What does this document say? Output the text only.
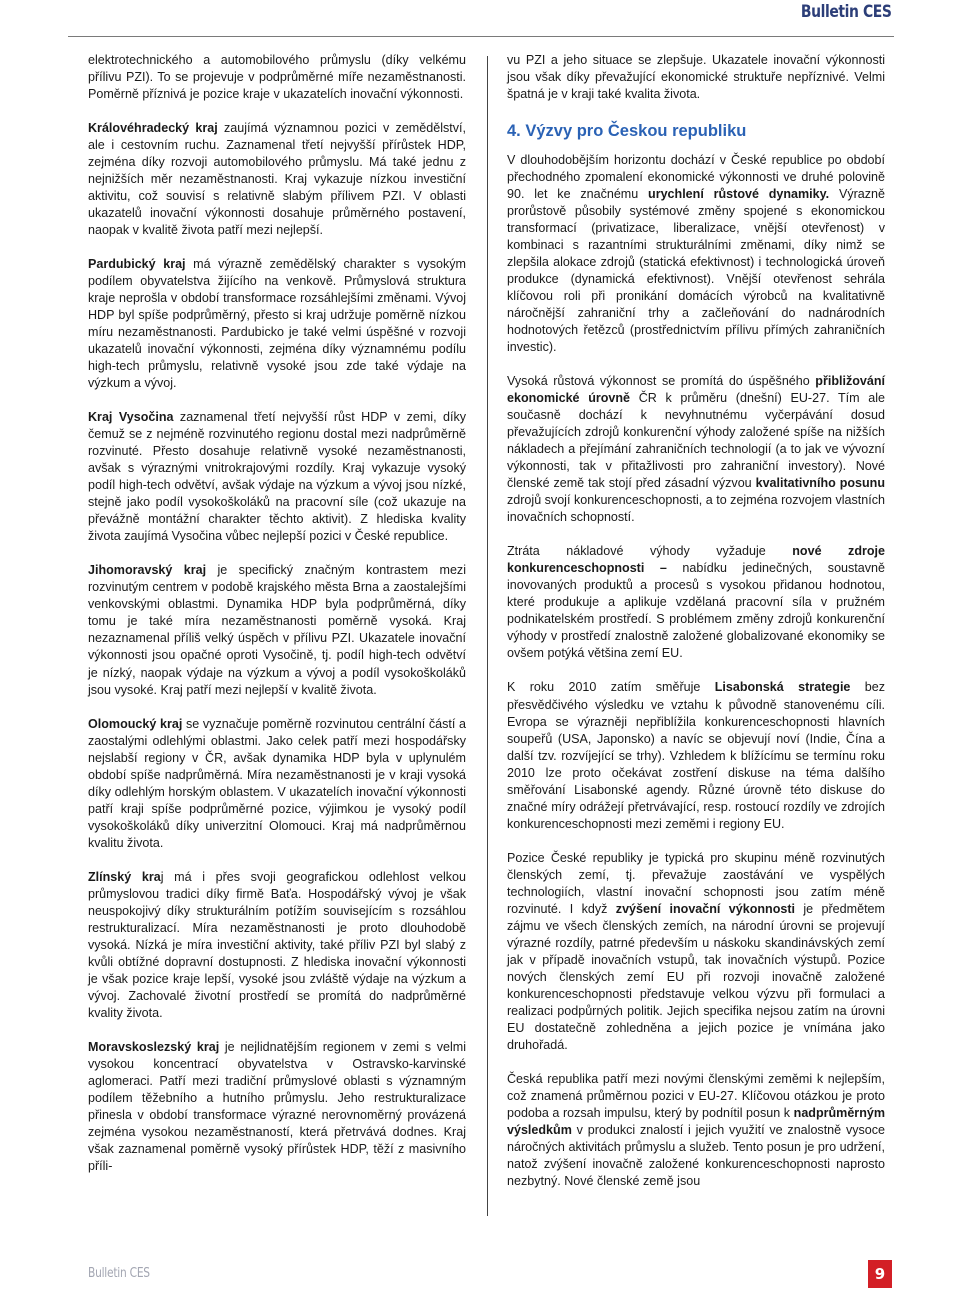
Bulletin CES

elektrotechnického a automobilového průmyslu (díky velkému přílivu PZI). To se projevuje v podprůměrné míře nezaměstnanosti. Poměrně příznivá je pozice kraje v ukazatelích inovační výkonnosti.

Královéhradecký kraj zaujímá významnou pozici v zemědělství, ale i cestovním ruchu. Zaznamenal třetí nejvyšší přírůstek HDP, zejména díky rozvoji automobilového průmyslu. Má také jednu z nejnižších měr nezaměstnanosti. Kraj vykazuje nízkou investiční aktivitu, což souvisí s relativně slabým přílivem PZI. V oblasti ukazatelů inovační výkonnosti dosahuje průměrného postavení, naopak v kvalitě života patří mezi nejlepší.

Pardubický kraj má výrazně zemědělský charakter s vysokým podílem obyvatelstva žijícího na venkově. Průmyslová struktura kraje neprošla v období transformace rozsáhlejšími změnami. Vývoj HDP byl spíše podprůměrný, přesto si kraj udržuje poměrně nízkou míru nezaměstnanosti. Pardubicko je také velmi úspěšné v rozvoji ukazatelů inovační výkonnosti, zejména díky významnému podílu high-tech průmyslu, relativně vysoké jsou zde také výdaje na výzkum a vývoj.

Kraj Vysočina zaznamenal třetí nejvyšší růst HDP v zemi, díky čemuž se z nejméně rozvinutého regionu dostal mezi nadprůměrně rozvinuté. Přesto dosahuje relativně vysoké nezaměstnanosti, avšak s výraznými vnitrokrajovými rozdíly. Kraj vykazuje vysoký podíl high-tech odvětví, avšak výdaje na výzkum a vývoj jsou nízké, stejně jako podíl vysokoškoláků na pracovní síle (což ukazuje na převážně montážní charakter těchto aktivit). Z hlediska kvality života zaujímá Vysočina vůbec nejlepší pozici v České republice.

Jihomoravský kraj je specifický značným kontrastem mezi rozvinutým centrem v podobě krajského města Brna a zaostalejšími venkovskými oblastmi. Dynamika HDP byla podprůměrná, díky tomu je také míra nezaměstnanosti poměrně vysoká. Kraj nezaznamenal příliš velký úspěch v přílivu PZI. Ukazatele inovační výkonnosti jsou opačné oproti Vysočině, tj. podíl high-tech odvětví je nízký, naopak výdaje na výzkum a vývoj a podíl vysokoškoláků jsou vysoké. Kraj patří mezi nejlepší v kvalitě života.

Olomoucký kraj se vyznačuje poměrně rozvinutou centrální částí a zaostalými odlehlými oblastmi. Jako celek patří mezi hospodářsky nejslabší regiony v ČR, avšak dynamika HDP byla v uplynulém období spíše nadprůměrná. Míra nezaměstnanosti je v kraji vysoká díky odlehlým horským oblastem. V ukazatelích inovační výkonnosti patří kraji spíše podprůměrné pozice, výjimkou je vysoký podíl vysokoškoláků díky univerzitní Olomouci. Kraj má nadprůměrnou kvalitu života.

Zlínský kraj má i přes svoji geografickou odlehlost velkou průmyslovou tradici díky firmě Baťa. Hospodářský vývoj je však neuspokojivý díky strukturálním potížím souvisejícím s rozsáhlou restrukturalizací. Míra nezaměstnanosti je proto dlouhodobě vysoká. Nízká je míra investiční aktivity, také příliv PZI byl slabý z kvůli obtížné dopravní dostupnosti. Z hlediska inovační výkonnosti je však pozice kraje lepší, vysoké jsou zvláště výdaje na výzkum a vývoj. Zachovalé životní prostředí se promítá do nadprůměrné kvality života.

Moravskoslezský kraj je nejlidnatějším regionem v zemi s velmi vysokou koncentrací obyvatelstva v Ostravsko-karvinské aglomeraci. Patří mezi tradiční průmyslové oblasti s významným podílem těžebního a hutního průmyslu. Jeho restrukturalizace přinesla v období transformace výrazné nerovnoměrný provázená zejména vysokou nezaměstnaností, která přetrvává dodnes. Kraj však zaznamenal poměrně vysoký přírůstek HDP, těží z masivního příli-

vu PZI a jeho situace se zlepšuje. Ukazatele inovační výkonnosti jsou však díky převažující ekonomické struktuře nepříznivé. Velmi špatná je v kraji také kvalita života.

4. Výzvy pro Českou republiku

V dlouhodobějším horizontu dochází v České republice po období přechodného zpomalení ekonomické výkonnosti ve druhé polovině 90. let ke značnému urychlení růstové dynamiky. Výrazně prorůstově působily systémové změny spojené s ekonomickou transformací (privatizace, liberalizace, vnější otevřenost) v kombinaci s razantními strukturálními změnami, díky nimž se zlepšila alokace zdrojů (statická efektivnost) i technologická úroveň produkce (dynamická efektivnost). Vnější otevřenost sehrála klíčovou roli při pronikání domácích výrobců na kvalitativně náročnější zahraniční trhy a začleňování do nadnárodních hodnotových řetězců (prostřednictvím přílivu přímých zahraničních investic).

Vysoká růstová výkonnost se promítá do úspěšného přibližování ekonomické úrovně ČR k průměru (dnešní) EU-27. Tím ale současně dochází k nevyhnutnému vyčerpávání dosud převažujících zdrojů konkurenční výhody založené spíše na nižších nákladech a přejímání zahraničních technologií (a to jak ve vývozní výkonnosti, tak v přitažlivosti pro zahraniční investory). Nové členské země tak stojí před zásadní výzvou kvalitativního posunu zdrojů svojí konkurenceschopnosti, a to zejména rozvojem vlastních inovačních schopností.

Ztráta nákladové výhody vyžaduje nové zdroje konkurenceschopnosti – nabídku jedinečných, soustavně inovovaných produktů a procesů s vysokou přidanou hodnotou, které produkuje a aplikuje vzdělaná pracovní síla v pružném podnikatelském prostředí. S problémem změny zdrojů konkurenční výhody v prostředí znalostně založené globalizované ekonomiky se ovšem potýká většina zemí EU.

K roku 2010 zatím směřuje Lisabonská strategie bez přesvědčivého výsledku ve vztahu k původně stanovenému cíli. Evropa se výrazněji nepřiblížila konkurenceschopnosti hlavních soupeřů (USA, Japonsko) a navíc se objevují noví (Indie, Čína a další tzv. rozvíjející se trhy). Vzhledem k blížícímu se termínu roku 2010 lze proto očekávat zostření diskuse na téma dalšího směřování Lisabonské agendy. Různé úrovně této diskuse do značné míry odrážejí přetrvávající, resp. rostoucí rozdíly ve zdrojích konkurenceschopnosti mezi zeměmi i regiony EU.

Pozice České republiky je typická pro skupinu méně rozvinutých členských zemí, tj. převažuje zaostávání ve vyspělých technologiích, vlastní inovační schopnosti jsou zatím méně rozvinuté. I když zvýšení inovační výkonnosti je předmětem zájmu ve všech členských zemích, na národní úrovni se projevují výrazné rozdíly, patrné především u náskoku skandinávských zemí jak v případě inovačních vstupů, tak inovačních výstupů. Pozice nových členských zemí EU při rozvoji inovačně založené konkurenceschopnosti představuje velkou výzvu při formulaci a realizaci podpůrných politik. Jejich specifika nejsou zatím na úrovni EU dostatečně zohledněna a jejich pozice je vnímána jako druhořadá.

Česká republika patří mezi novými členskými zeměmi k nejlepším, což znamená průměrnou pozici v EU-27. Klíčovou otázkou je proto podoba a rozsah impulsu, který by podnítil posun k nadprůměrným výsledkům v produkci znalostí i jejich využití ve znalostně vysoce náročných aktivitách průmyslu a služeb. Tento posun je pro udržení, natož zvýšení inovačně založené konkurenceschopnosti naprosto nezbytný. Nové členské země jsou

Bulletin CES	9
